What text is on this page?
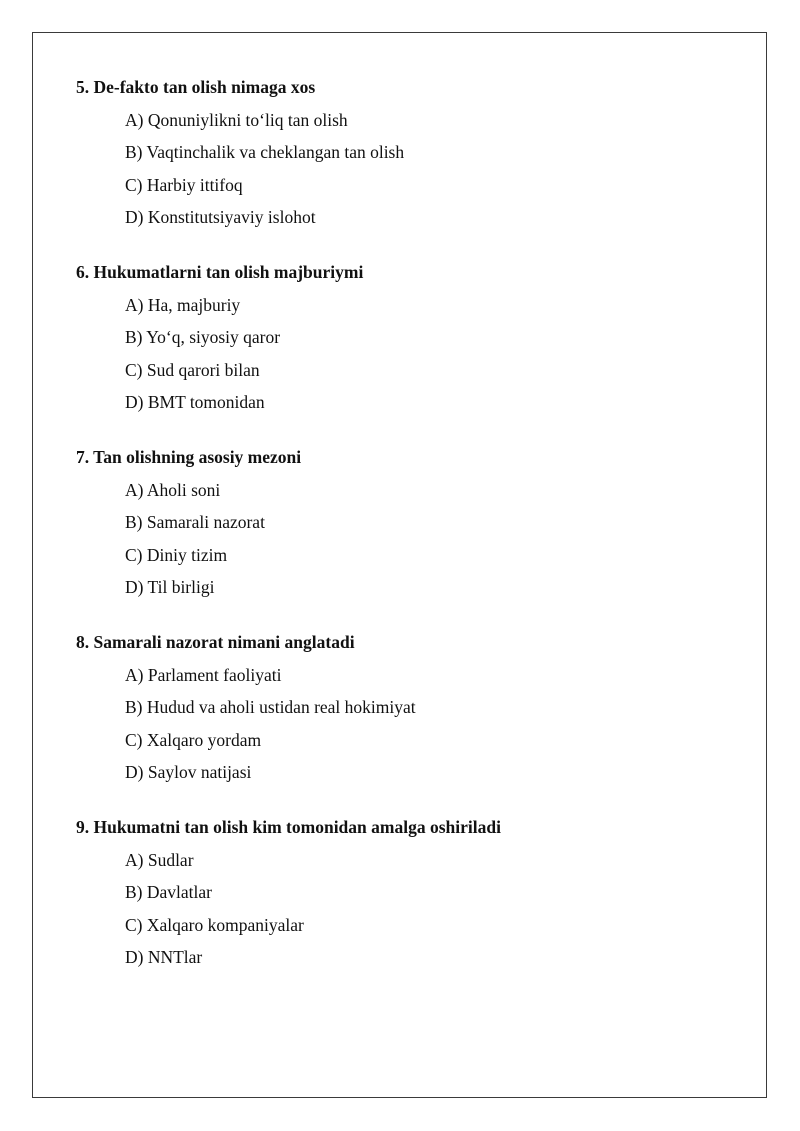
5. De-fakto tan olish nimaga xos
A) Qonuniylikni to‘liq tan olish
B) Vaqtinchalik va cheklangan tan olish
C) Harbiy ittifoq
D) Konstitutsiyaviy islohot
6. Hukumatlarni tan olish majburiymi
A) Ha, majburiy
B) Yo‘q, siyosiy qaror
C) Sud qarori bilan
D) BMT tomonidan
7. Tan olishning asosiy mezoni
A) Aholi soni
B) Samarali nazorat
C) Diniy tizim
D) Til birligi
8. Samarali nazorat nimani anglatadi
A) Parlament faoliyati
B) Hudud va aholi ustidan real hokimiyat
C) Xalqaro yordam
D) Saylov natijasi
9. Hukumatni tan olish kim tomonidan amalga oshiriladi
A) Sudlar
B) Davlatlar
C) Xalqaro kompaniyalar
D) NNTlar
